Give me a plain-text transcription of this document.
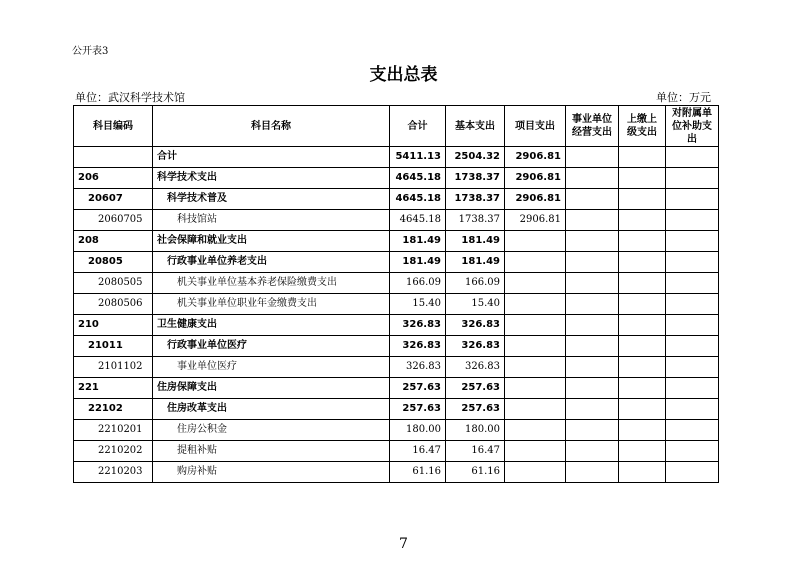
公开表3
支出总表
单位：武汉科学技术馆	单位：万元
科目编码	科目名称	合计	基本支出	项目支出	事业单位经营支出	上缴上级支出	对附属单位补助支出
	合计	5411.13	2504.32	2906.81			
206	科学技术支出	4645.18	1738.37	2906.81			
20607	科学技术普及	4645.18	1738.37	2906.81			
2060705	科技馆站	4645.18	1738.37	2906.81			
208	社会保障和就业支出	181.49	181.49				
20805	行政事业单位养老支出	181.49	181.49				
2080505	机关事业单位基本养老保险缴费支出	166.09	166.09				
2080506	机关事业单位职业年金缴费支出	15.40	15.40				
210	卫生健康支出	326.83	326.83				
21011	行政事业单位医疗	326.83	326.83				
2101102	事业单位医疗	326.83	326.83				
221	住房保障支出	257.63	257.63				
22102	住房改革支出	257.63	257.63				
2210201	住房公积金	180.00	180.00				
2210202	提租补贴	16.47	16.47				
2210203	购房补贴	61.16	61.16				
7
